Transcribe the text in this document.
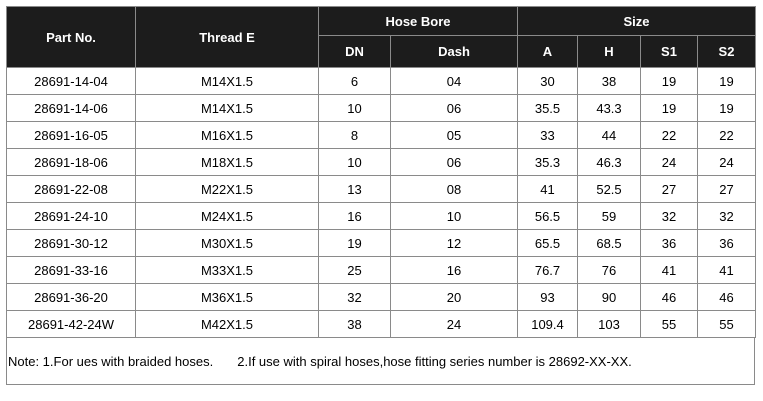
Part No.	Thread E	Hose Bore		Size			
		DN	Dash	A	H	S1	S2
28691-14-04	M14X1.5	6	04	30	38	19	19
28691-14-06	M14X1.5	10	06	35.5	43.3	19	19
28691-16-05	M16X1.5	8	05	33	44	22	22
28691-18-06	M18X1.5	10	06	35.3	46.3	24	24
28691-22-08	M22X1.5	13	08	41	52.5	27	27
28691-24-10	M24X1.5	16	10	56.5	59	32	32
28691-30-12	M30X1.5	19	12	65.5	68.5	36	36
28691-33-16	M33X1.5	25	16	76.7	76	41	41
28691-36-20	M36X1.5	32	20	93	90	46	46
28691-42-24W	M42X1.5	38	24	109.4	103	55	55
Note: 1.For ues with braided hoses. 2.If use with spiral hoses,hose fitting series number is 28692-XX-XX.
